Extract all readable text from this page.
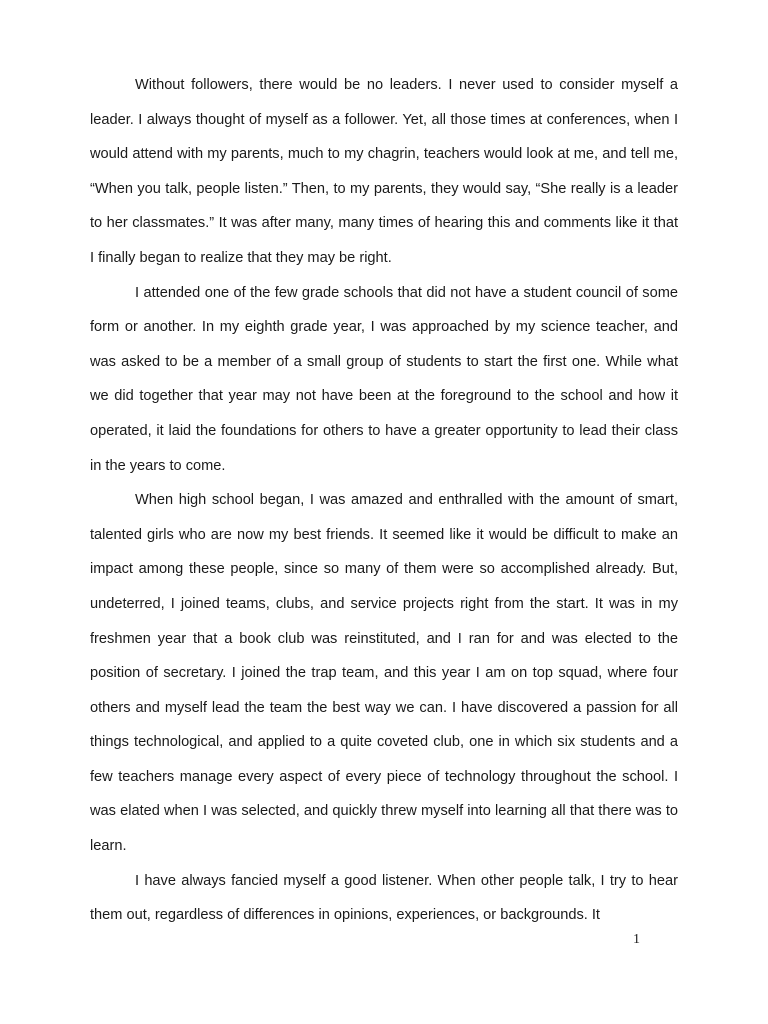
Without followers, there would be no leaders. I never used to consider myself a leader. I always thought of myself as a follower. Yet, all those times at conferences, when I would attend with my parents, much to my chagrin, teachers would look at me, and tell me, “When you talk, people listen.” Then, to my parents, they would say, “She really is a leader to her classmates.” It was after many, many times of hearing this and comments like it that I finally began to realize that they may be right.

I attended one of the few grade schools that did not have a student council of some form or another. In my eighth grade year, I was approached by my science teacher, and was asked to be a member of a small group of students to start the first one. While what we did together that year may not have been at the foreground to the school and how it operated, it laid the foundations for others to have a greater opportunity to lead their class in the years to come.

When high school began, I was amazed and enthralled with the amount of smart, talented girls who are now my best friends. It seemed like it would be difficult to make an impact among these people, since so many of them were so accomplished already. But, undeterred, I joined teams, clubs, and service projects right from the start. It was in my freshmen year that a book club was reinstituted, and I ran for and was elected to the position of secretary. I joined the trap team, and this year I am on top squad, where four others and myself lead the team the best way we can. I have discovered a passion for all things technological, and applied to a quite coveted club, one in which six students and a few teachers manage every aspect of every piece of technology throughout the school. I was elated when I was selected, and quickly threw myself into learning all that there was to learn.

I have always fancied myself a good listener. When other people talk, I try to hear them out, regardless of differences in opinions, experiences, or backgrounds. It

1
